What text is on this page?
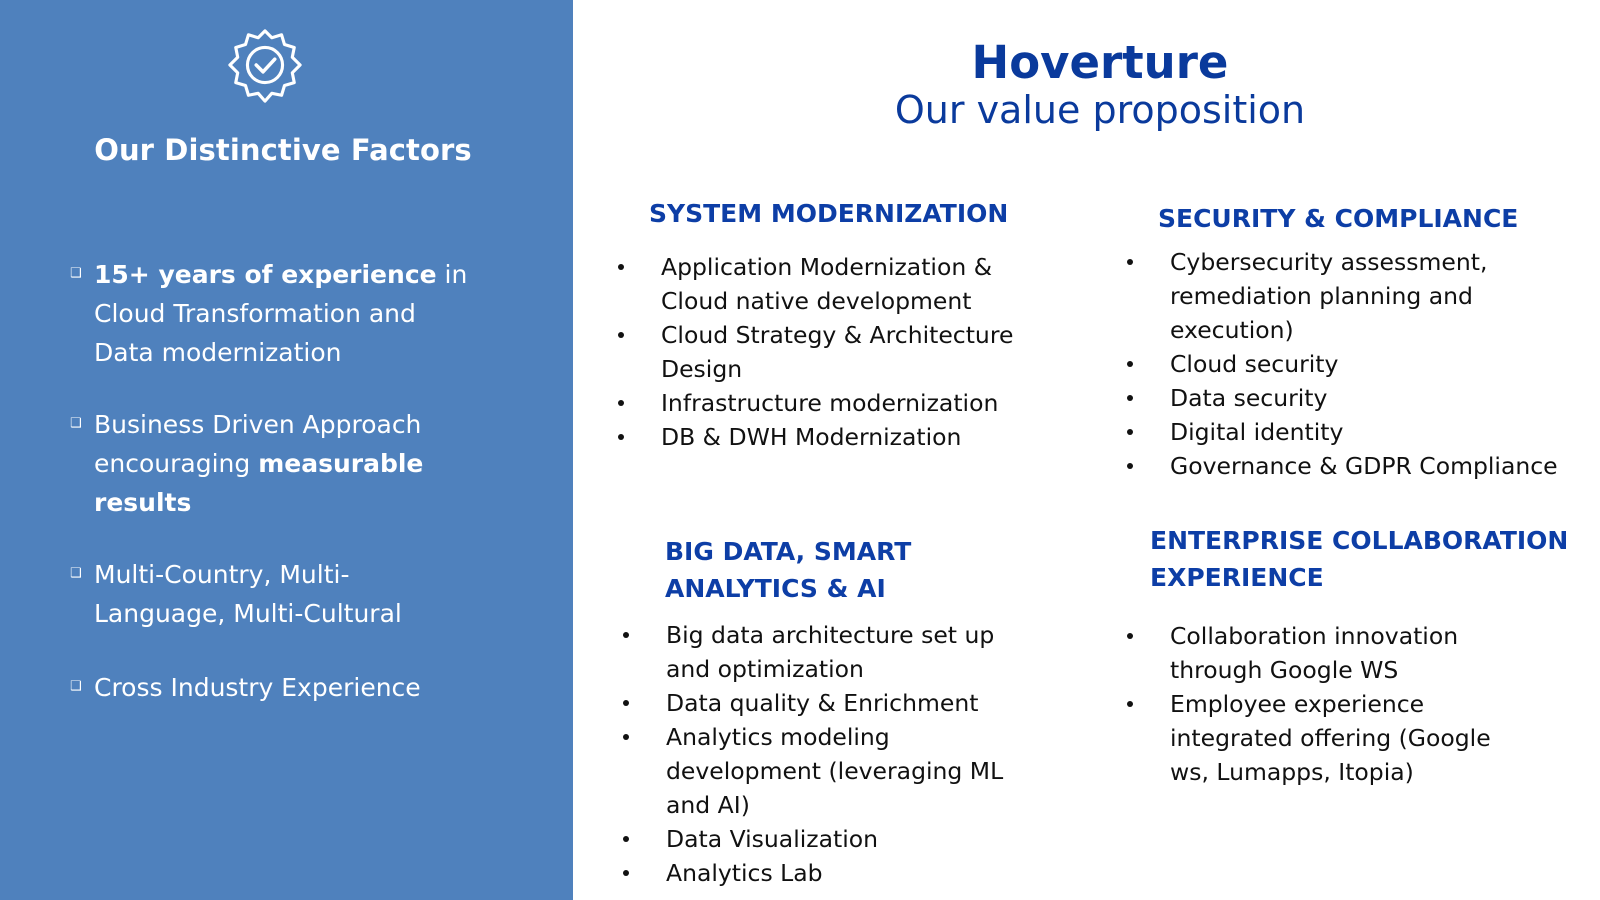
Our Distinctive Factors
❑ 15+ years of experience in
Cloud Transformation and
Data modernization
❑ Business Driven Approach
encouraging measurable
results
❑ Multi-Country, Multi-
Language, Multi-Cultural
❑ Cross Industry Experience
Hoverture
Our value proposition
SYSTEM MODERNIZATION
Application Modernization &
Cloud native development
Cloud Strategy & Architecture
Design
Infrastructure modernization
DB & DWH Modernization
SECURITY & COMPLIANCE
Cybersecurity assessment,
remediation planning and
execution)
Cloud security
Data security
Digital identity
Governance & GDPR Compliance
BIG DATA, SMART
ANALYTICS & AI
Big data architecture set up
and optimization
Data quality & Enrichment
Analytics modeling
development (leveraging ML
and AI)
Data Visualization
Analytics Lab
ENTERPRISE COLLABORATION
EXPERIENCE
Collaboration innovation
through Google WS
Employee experience
integrated offering (Google
ws, Lumapps, Itopia)
